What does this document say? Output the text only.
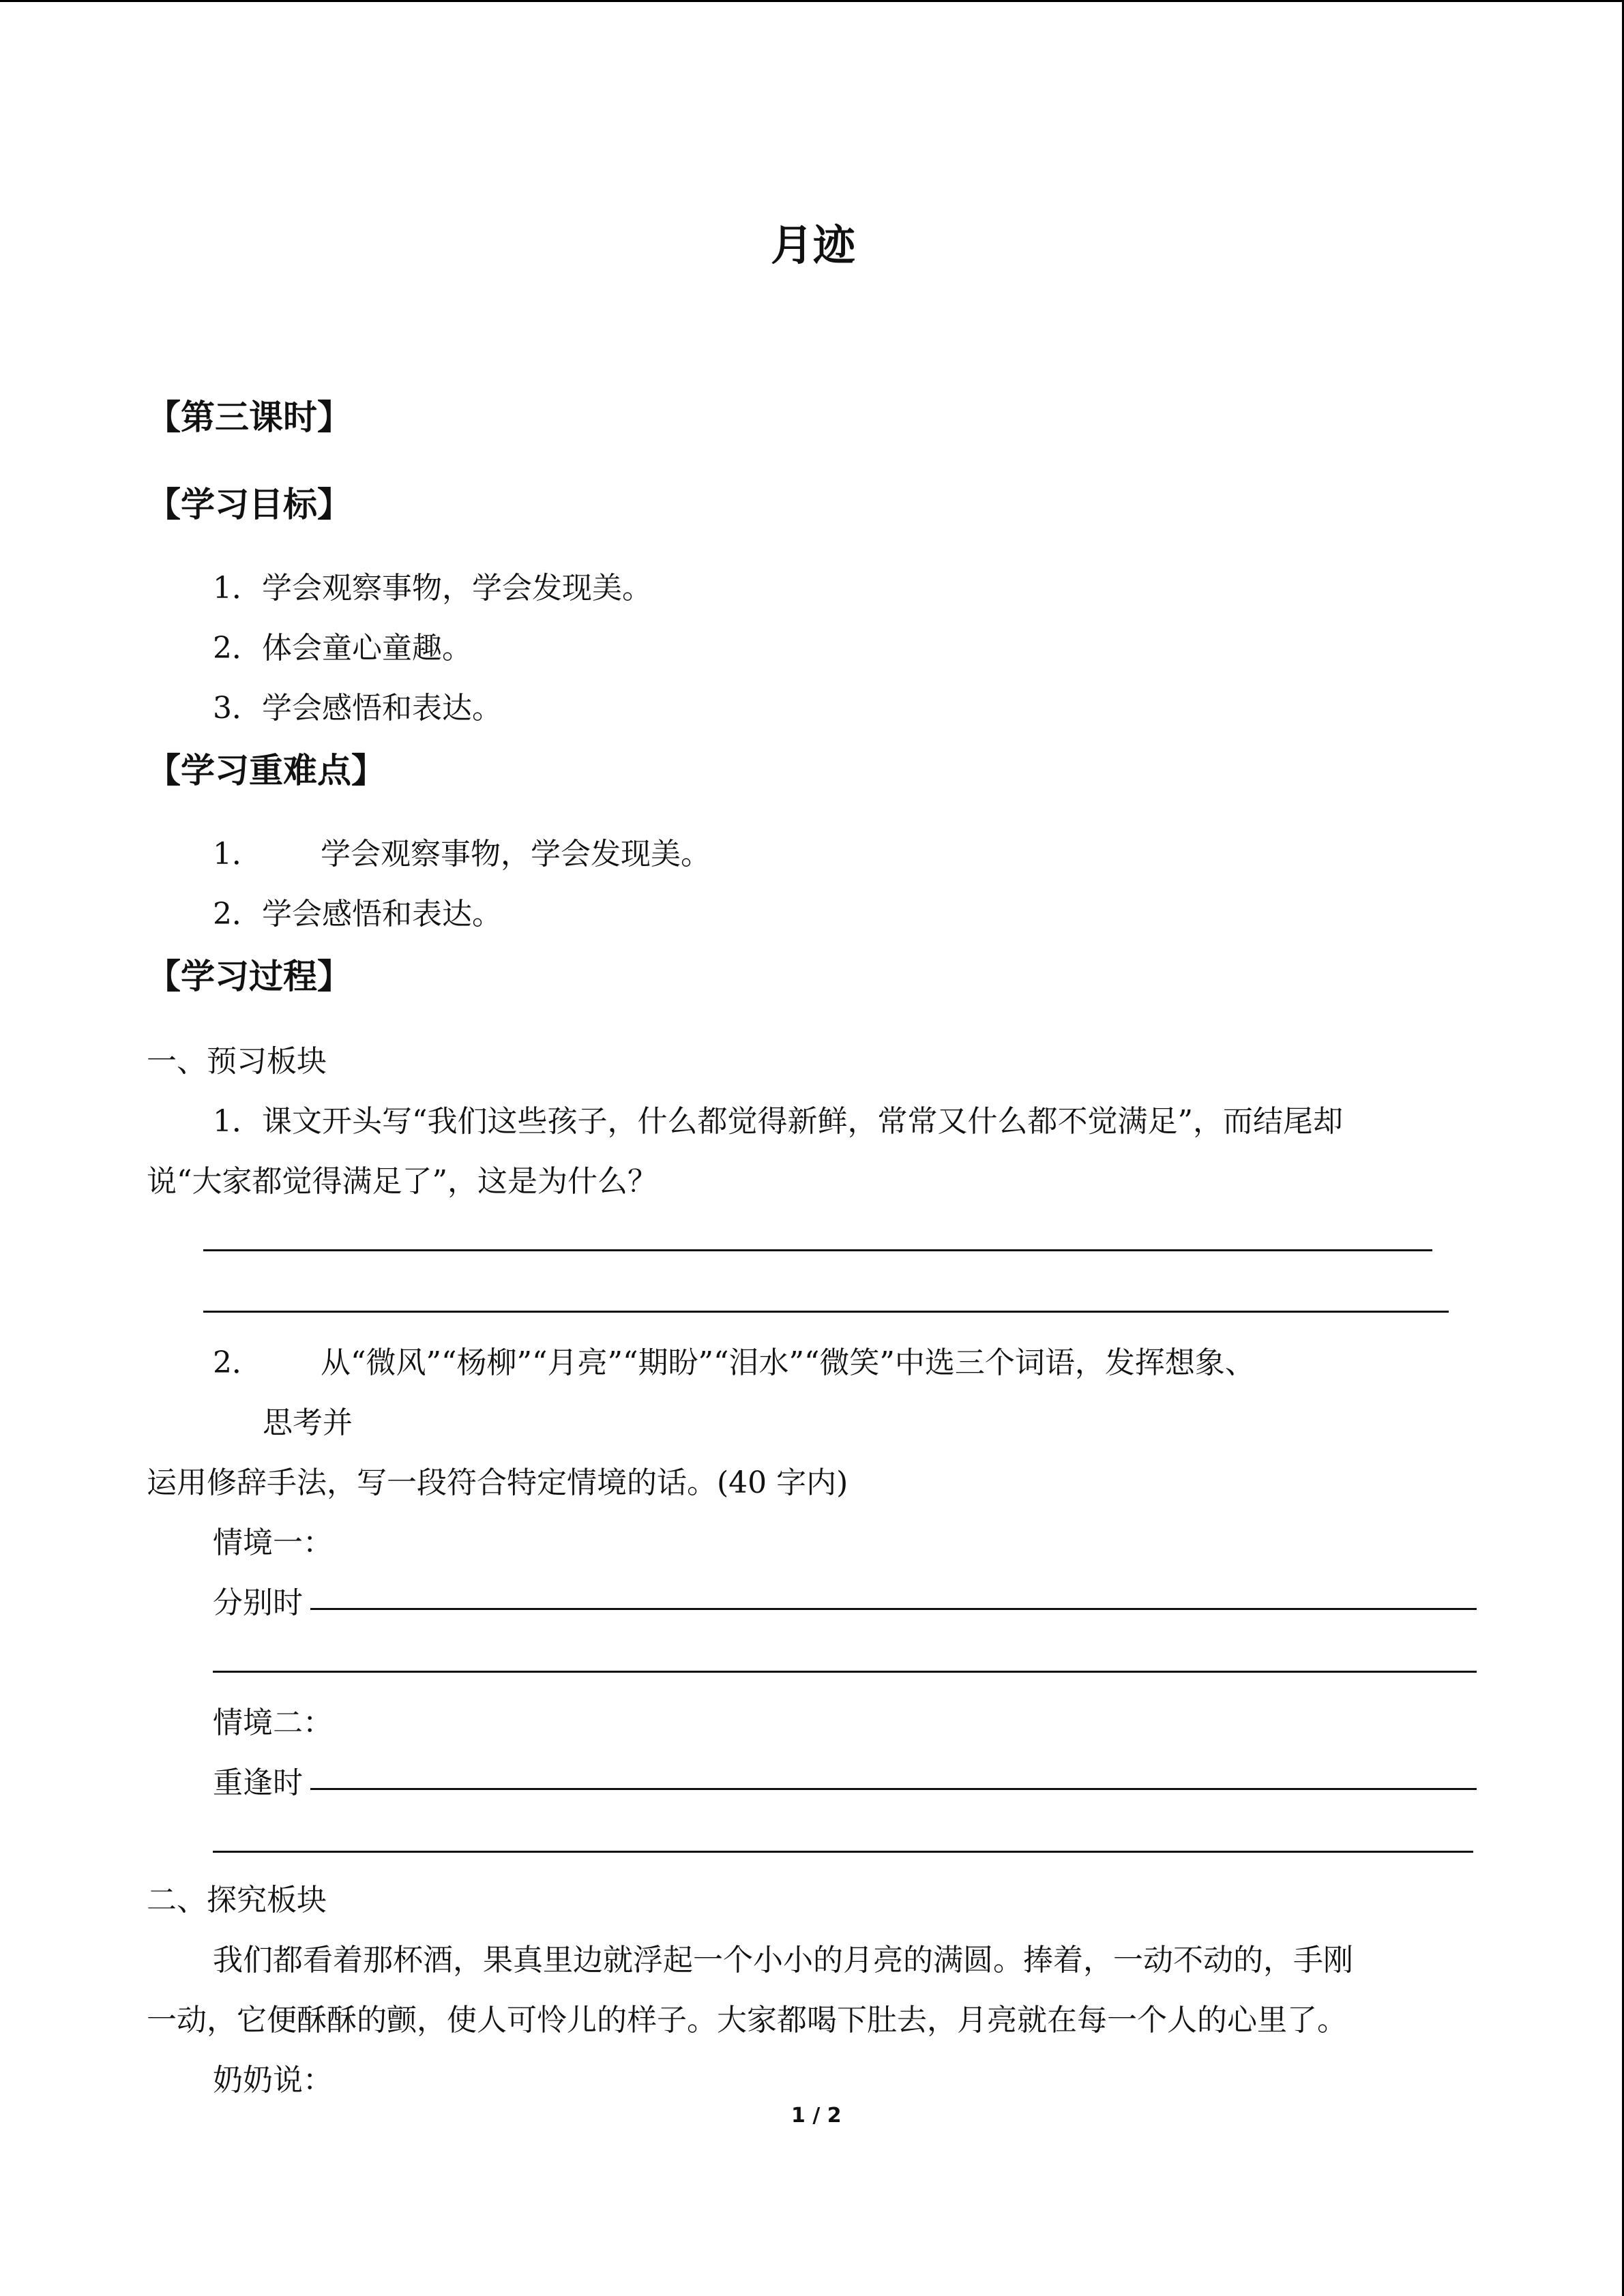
月迹
【第三课时】
【学习目标】
1．学会观察事物，学会发现美。
2．体会童心童趣。
3．学会感悟和表达。
【学习重难点】
1． 学会观察事物，学会发现美。
2．学会感悟和表达。
【学习过程】
一、预习板块
1．课文开头写“我们这些孩子，什么都觉得新鲜，常常又什么都不觉满足”，而结尾却
说“大家都觉得满足了”，这是为什么？
2． 从“微风”“杨柳”“月亮”“期盼”“泪水”“微笑”中选三个词语，发挥想象、
思考并
运用修辞手法，写一段符合特定情境的话。(40 字内)
情境一：
分别时
情境二：
重逢时
二、探究板块
我们都看着那杯酒，果真里边就浮起一个小小的月亮的满圆。捧着，一动不动的，手刚
一动，它便酥酥的颤，使人可怜儿的样子。大家都喝下肚去，月亮就在每一个人的心里了。
奶奶说：
1 / 2
